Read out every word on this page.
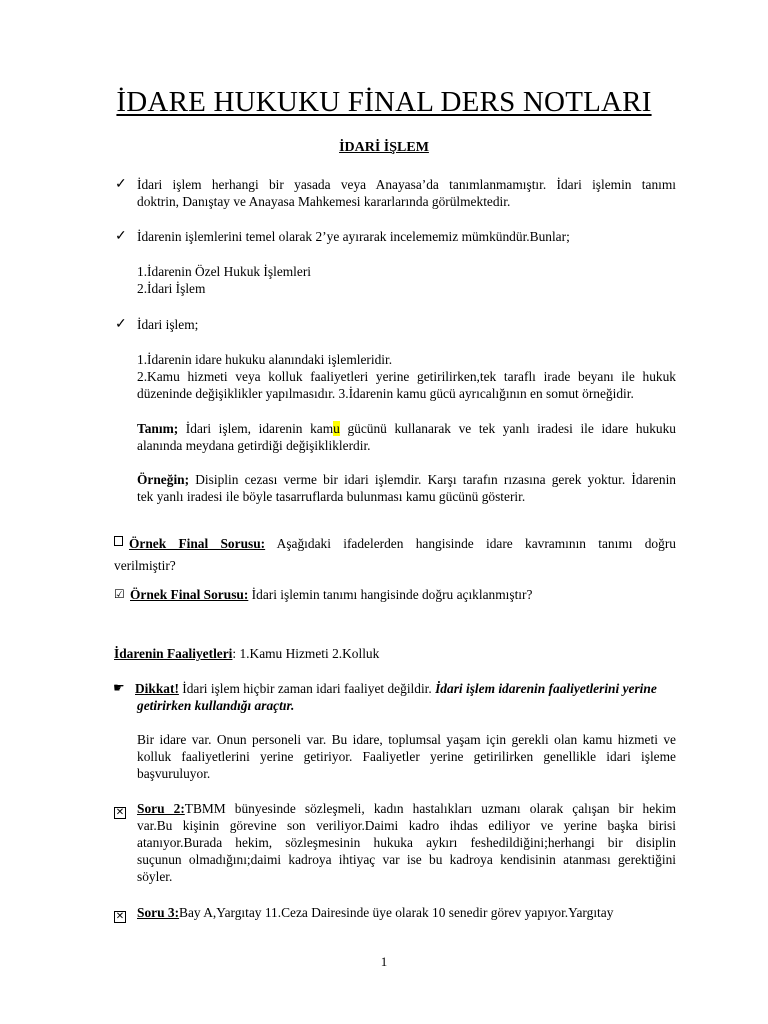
İDARE HUKUKU FİNAL DERS NOTLARI
İDARİ İŞLEM
✓ İdari işlem herhangi bir yasada veya Anayasa’da tanımlanmamıştır. İdari işlemin tanımı
doktrin, Danıştay ve Anayasa Mahkemesi kararlarında görülmektedir.
✓ İdarenin işlemlerini temel olarak 2’ye ayırarak incelememiz mümkündür.Bunlar;
1.İdarenin Özel Hukuk İşlemleri
2.İdari İşlem
✓ İdari işlem;
1.İdarenin idare hukuku alanındaki işlemleridir.
2.Kamu hizmeti veya kolluk faaliyetleri yerine getirilirken,tek taraflı irade beyanı ile hukuk
düzeninde değişiklikler yapılmasıdır. 3.İdarenin kamu gücü ayrıcalığının en somut örneğidir.
Tanım; İdari işlem, idarenin kamu gücünü kullanarak ve tek yanlı iradesi ile idare hukuku
alanında meydana getirdiği değişikliklerdir.
Örneğin; Disiplin cezası verme bir idari işlemdir. Karşı tarafın rızasına gerek yoktur. İdarenin
tek yanlı iradesi ile böyle tasarruflarda bulunması kamu gücünü gösterir.
Örnek Final Sorusu: Aşağıdaki ifadelerden hangisinde idare kavramının tanımı doğru
verilmiştir?
☑ Örnek Final Sorusu: İdari işlemin tanımı hangisinde doğru açıklanmıştır?
İdarenin Faaliyetleri: 1.Kamu Hizmeti 2.Kolluk
☛ Dikkat! İdari işlem hiçbir zaman idari faaliyet değildir. İdari işlem idarenin faaliyetlerini yerine
getirirken kullandığı araçtır.
Bir idare var. Onun personeli var. Bu idare, toplumsal yaşam için gerekli olan kamu hizmeti ve
kolluk faaliyetlerini yerine getiriyor. Faaliyetler yerine getirilirken genellikle idari işleme
başvuruluyor.
✕ Soru 2:TBMM bünyesinde sözleşmeli, kadın hastalıkları uzmanı olarak çalışan bir hekim
var.Bu kişinin görevine son veriliyor.Daimi kadro ihdas ediliyor ve yerine başka birisi
atanıyor.Burada hekim, sözleşmesinin hukuka aykırı feshedildiğini;herhangi bir disiplin
suçunun olmadığını;daimi kadroya ihtiyaç var ise bu kadroya kendisinin atanması gerektiğini
söyler.
✕ Soru 3:Bay A,Yargıtay 11.Ceza Dairesinde üye olarak 10 senedir görev yapıyor.Yargıtay
1
